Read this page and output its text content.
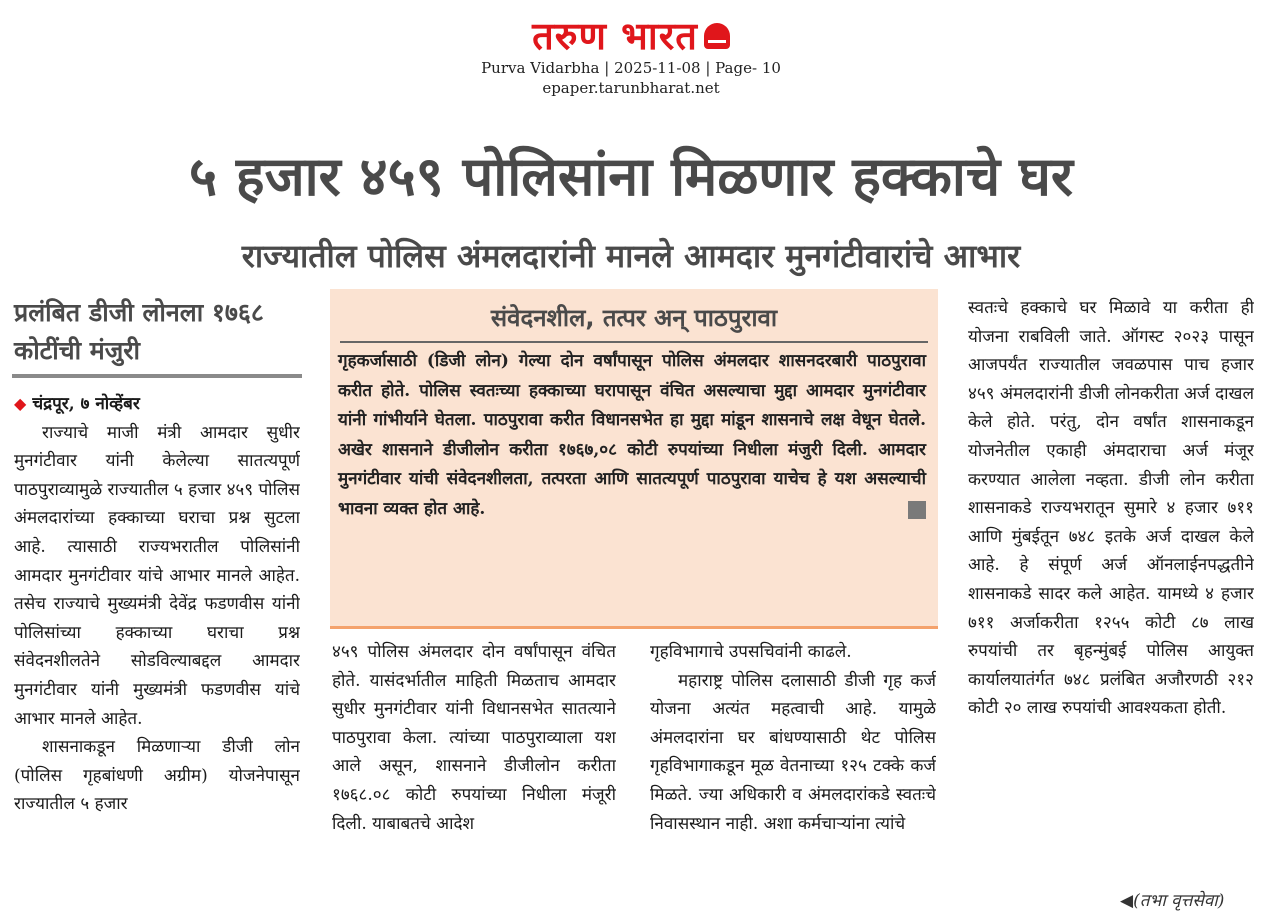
तरुण भारत
Purva Vidarbha | 2025-11-08 | Page- 10
epaper.tarunbharat.net
५ हजार ४५९ पोलिसांना मिळणार हक्काचे घर
राज्यातील पोलिस अंमलदारांनी मानले आमदार मुनगंटीवारांचे आभार
प्रलंबित डीजी लोनला १७६८ कोटींची मंजुरी

◆ चंद्रपूर, ७ नोव्हेंबर

राज्याचे माजी मंत्री आमदार सुधीर मुनगंटीवार यांनी केलेल्या सातत्यपूर्ण पाठपुराव्यामुळे राज्यातील ५ हजार ४५९ पोलिस अंमलदारांच्या हक्काच्या घराचा प्रश्न सुटला आहे. त्यासाठी राज्यभरातील पोलिसांनी आमदार मुनगंटीवार यांचे आभार मानले आहेत. तसेच राज्याचे मुख्यमंत्री देवेंद्र फडणवीस यांनी पोलिसांच्या हक्काच्या घराचा प्रश्न संवेदनशीलतेने सोडविल्याबद्दल आमदार मुनगंटीवार यांनी मुख्यमंत्री फडणवीस यांचे आभार मानले आहेत.

शासनाकडून मिळणाऱ्या डीजी लोन (पोलिस गृहबांधणी अग्रीम) योजनेपासून राज्यातील ५ हजार

संवेदनशील, तत्पर अन् पाठपुरावा
गृहकर्जासाठी (डिजी लोन) गेल्या दोन वर्षांपासून पोलिस अंमलदार शासनदरबारी पाठपुरावा करीत होते. पोलिस स्वतःच्या हक्काच्या घरापासून वंचित असल्याचा मुद्दा आमदार मुनगंटीवार यांनी गांभीर्याने घेतला. पाठपुरावा करीत विधानसभेत हा मुद्दा मांडून शासनाचे लक्ष वेधून घेतले. अखेर शासनाने डीजीलोन करीता १७६७,०८ कोटी रुपयांच्या निधीला मंजुरी दिली. आमदार मुनगंटीवार यांची संवेदनशीलता, तत्परता आणि सातत्यपूर्ण पाठपुरावा याचेच हे यश असल्याची भावना व्यक्त होत आहे.

४५९ पोलिस अंमलदार दोन वर्षांपासून वंचित होते. यासंदर्भातील माहिती मिळताच आमदार सुधीर मुनगंटीवार यांनी विधानसभेत सातत्याने पाठपुरावा केला. त्यांच्या पाठपुराव्याला यश आले असून, शासनाने डीजीलोन करीता १७६८.०८ कोटी रुपयांच्या निधीला मंजूरी दिली. याबाबतचे आदेश

गृहविभागाचे उपसचिवांनी काढले.

महाराष्ट्र पोलिस दलासाठी डीजी गृह कर्ज योजना अत्यंत महत्वाची आहे. यामुळे अंमलदारांना घर बांधण्यासाठी थेट पोलिस गृहविभागाकडून मूळ वेतनाच्या १२५ टक्के कर्ज मिळते. ज्या अधिकारी व अंमलदारांकडे स्वतःचे निवासस्थान नाही. अशा कर्मचाऱ्यांना त्यांचे

स्वतःचे हक्काचे घर मिळावे या करीता ही योजना राबविली जाते. ऑगस्ट २०२३ पासून आजपर्यंत राज्यातील जवळपास पाच हजार ४५९ अंमलदारांनी डीजी लोनकरीता अर्ज दाखल केले होते. परंतु, दोन वर्षांत शासनाकडून योजनेतील एकाही अंमदाराचा अर्ज मंजूर करण्यात आलेला नव्हता. डीजी लोन करीता शासनाकडे राज्यभरातून सुमारे ४ हजार ७११ आणि मुंबईतून ७४८ इतके अर्ज दाखल केले आहे. हे संपूर्ण अर्ज ऑनलाईनपद्धतीने शासनाकडे सादर कले आहेत. यामध्ये ४ हजार ७११ अर्जाकरीता १२५५ कोटी ८७ लाख रुपयांची तर बृहन्मुंबई पोलिस आयुक्त कार्यालयातंर्गत ७४८ प्रलंबित अजौरणठी २१२ कोटी २० लाख रुपयांची आवश्यकता होती.

◀(तभा वृत्तसेवा)
